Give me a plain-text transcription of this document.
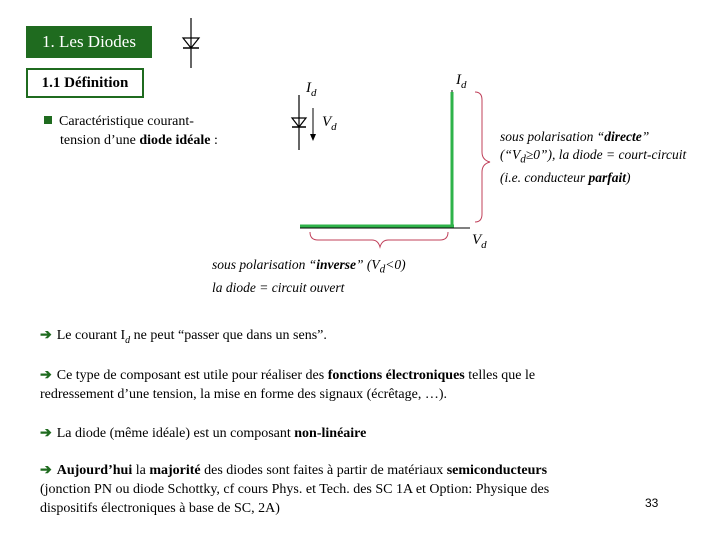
1. Les Diodes
1.1 Définition
Caractéristique courant-
tension d’une diode idéale :
$I_d$
$V_d$
$I_d$
$V_d$
sous polarisation “directe”
$(“V_d\ge 0”)$, la diode = court-circuit
(i.e. conducteur parfait)
sous polarisation “inverse” $(V_d<0)$
la diode = circuit ouvert
➔ Le courant $I_d$ ne peut “passer que dans un sens”.
➔ Ce type de composant est utile pour réaliser des fonctions électroniques telles que le
redressement d’une tension, la mise en forme des signaux (écrêtage, …).
➔ La diode (même idéale) est un composant non-linéaire
➔ Aujourd’hui la majorité des diodes sont faites à partir de matériaux semiconducteurs
(jonction PN ou diode Schottky, cf cours Phys. et Tech. des SC 1A et Option: Physique des
dispositifs électroniques à base de SC, 2A)	33
